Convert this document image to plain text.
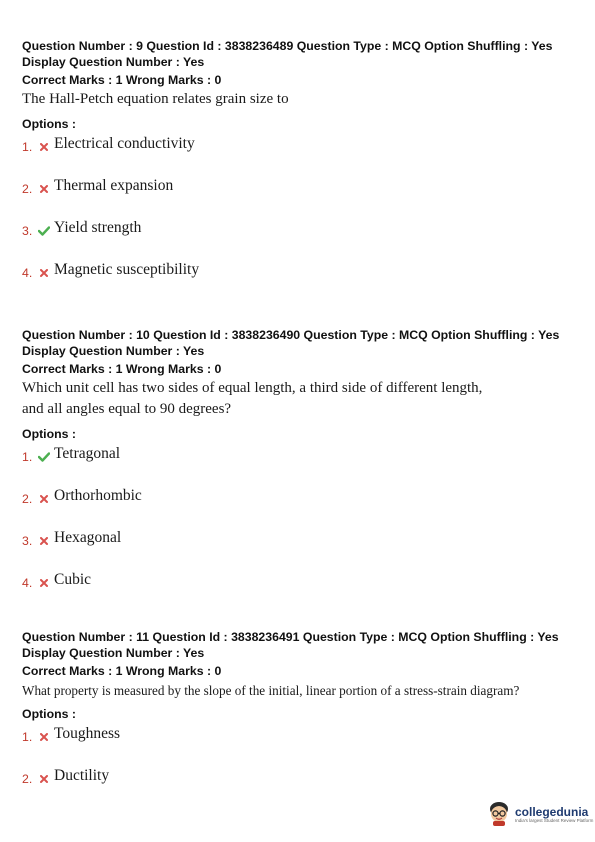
Question Number : 9 Question Id : 3838236489 Question Type : MCQ Option Shuffling : Yes Display Question Number : Yes
Correct Marks : 1 Wrong Marks : 0
The Hall-Petch equation relates grain size to
Options :
1. Electrical conductivity
2. Thermal expansion
3. Yield strength
4. Magnetic susceptibility
Question Number : 10 Question Id : 3838236490 Question Type : MCQ Option Shuffling : Yes Display Question Number : Yes
Correct Marks : 1 Wrong Marks : 0
Which unit cell has two sides of equal length, a third side of different length,
and all angles equal to 90 degrees?
Options :
1. Tetragonal
2. Orthorhombic
3. Hexagonal
4. Cubic
Question Number : 11 Question Id : 3838236491 Question Type : MCQ Option Shuffling : Yes Display Question Number : Yes
Correct Marks : 1 Wrong Marks : 0
What property is measured by the slope of the initial, linear portion of a stress-strain diagram?
Options :
1. Toughness
2. Ductility
collegedunia
India's largest Student Review Platform
